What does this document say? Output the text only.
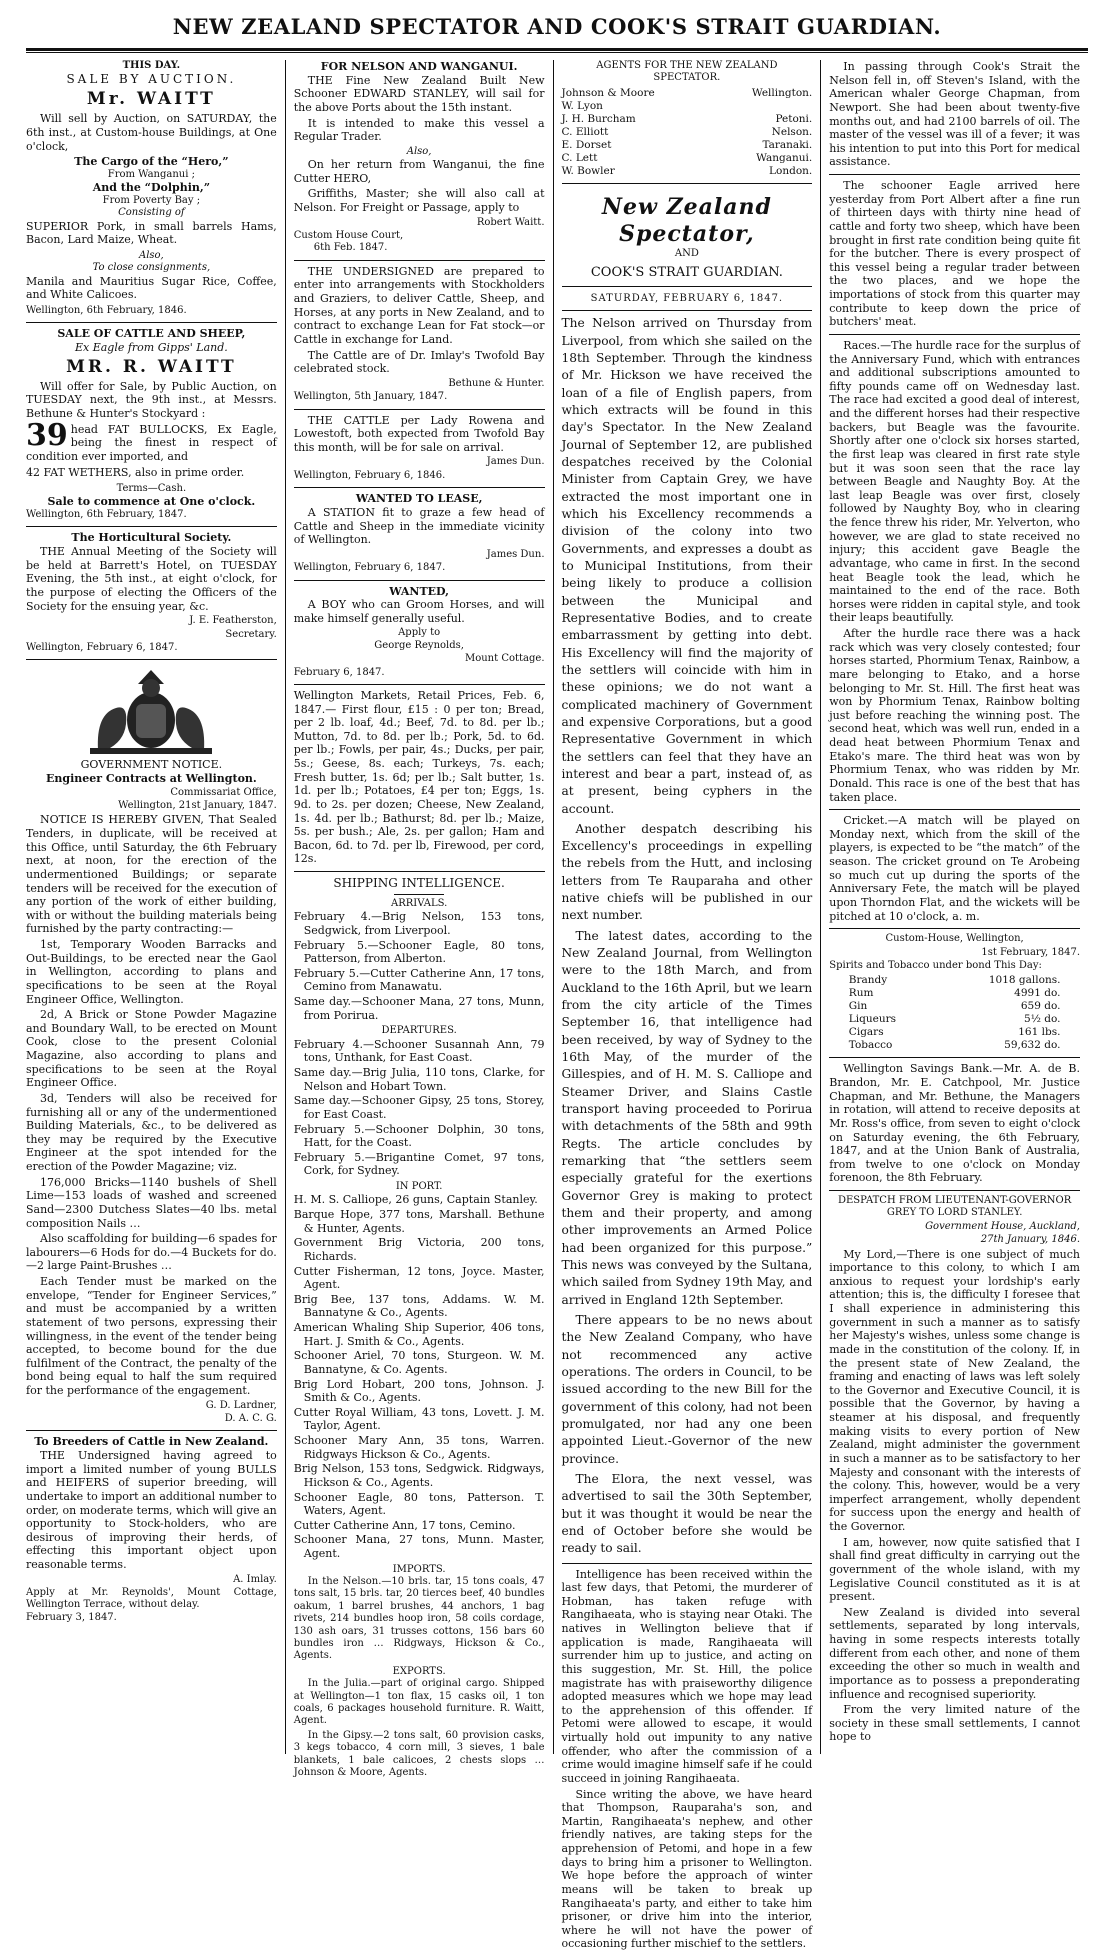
NEW ZEALAND SPECTATOR AND COOK'S STRAIT GUARDIAN.
THIS DAY.
SALE BY AUCTION.
Mr. WAITT

Will sell by Auction, on SATURDAY, the 6th inst., at Custom-house Buildings, at One o'clock,

The Cargo of the “Hero,”
From Wanganui ;
And the “Dolphin,”
From Poverty Bay ;
Consisting of

SUPERIOR Pork, in small barrels Hams, Bacon, Lard Maize, Wheat.

Also,
To close consignments,

Manila and Mauritius Sugar Rice, Coffee, and White Calicoes.

Wellington, 6th February, 1846.
SALE OF CATTLE AND SHEEP,
Ex Eagle from Gipps' Land.
MR. R. WAITT

Will offer for Sale, by Public Auction, on TUESDAY next, the 9th inst., at Messrs. Bethune & Hunter's Stockyard :

39 head FAT BULLOCKS, Ex Eagle, being the finest in respect of condition ever imported, and

42 FAT WETHERS, also in prime order.

Terms—Cash.
Sale to commence at One o'clock.
Wellington, 6th February, 1847.
The Horticultural Society.

THE Annual Meeting of the Society will be held at Barrett's Hotel, on TUESDAY Evening, the 5th inst., at eight o'clock, for the purpose of electing the Officers of the Society for the ensuing year, &c.

J. E. Featherston,
Secretary.
Wellington, February 6, 1847.
GOVERNMENT NOTICE.
Engineer Contracts at Wellington.
Commissariat Office,
Wellington, 21st January, 1847.

NOTICE IS HEREBY GIVEN, That Sealed Tenders, in duplicate, will be received at this Office, until Saturday, the 6th February next, at noon, for the erection of the undermentioned Buildings; or separate tenders will be received for the execution of any portion of the work of either building, with or without the building materials being furnished by the party contracting:—

1st, Temporary Wooden Barracks and Out-Buildings, to be erected near the Gaol in Wellington, according to plans and specifications to be seen at the Royal Engineer Office, Wellington.

2d, A Brick or Stone Powder Magazine and Boundary Wall, to be erected on Mount Cook, close to the present Colonial Magazine, also according to plans and specifications to be seen at the Royal Engineer Office.

3d, Tenders will also be received for furnishing all or any of the undermentioned Building Materials, &c., to be delivered as they may be required by the Executive Engineer at the spot intended for the erection of the Powder Magazine; viz.

176,000 Bricks—1140 bushels of Shell Lime—153 loads of washed and screened Sand—2300 Dutchess Slates—40 lbs. metal composition Nails …

Also scaffolding for building—6 spades for labourers—6 Hods for do.—4 Buckets for do.—2 large Paint-Brushes …

Each Tender must be marked on the envelope, “Tender for Engineer Services,” and must be accompanied by a written statement of two persons, expressing their willingness, in the event of the tender being accepted, to become bound for the due fulfilment of the Contract, the penalty of the bond being equal to half the sum required for the performance of the engagement.

G. D. Lardner,
D. A. C. G.
To Breeders of Cattle in New Zealand.

THE Undersigned having agreed to import a limited number of young BULLS and HEIFERS of superior breeding, will undertake to import an additional number to order, on moderate terms, which will give an opportunity to Stock-holders, who are desirous of improving their herds, of effecting this important object upon reasonable terms.

A. Imlay.
Apply at Mr. Reynolds', Mount Cottage, Wellington Terrace, without delay.
February 3, 1847.
FOR NELSON AND WANGANUI.

THE Fine New Zealand Built New Schooner EDWARD STANLEY, will sail for the above Ports about the 15th instant.

It is intended to make this vessel a Regular Trader.

Also,

On her return from Wanganui, the fine Cutter HERO,

Griffiths, Master; she will also call at Nelson. For Freight or Passage, apply to

Robert Waitt.
Custom House Court,
6th Feb. 1847.

THE UNDERSIGNED are prepared to enter into arrangements with Stockholders and Graziers, to deliver Cattle, Sheep, and Horses, at any ports in New Zealand, and to contract to exchange Lean for Fat stock—or Cattle in exchange for Land.

The Cattle are of Dr. Imlay's Twofold Bay celebrated stock.

Bethune & Hunter.
Wellington, 5th January, 1847.

THE CATTLE per Lady Rowena and Lowestoft, both expected from Twofold Bay this month, will be for sale on arrival.

James Dun.
Wellington, February 6, 1846.
WANTED TO LEASE,

A STATION fit to graze a few head of Cattle and Sheep in the immediate vicinity of Wellington.

James Dun.
Wellington, February 6, 1847.
WANTED,

A BOY who can Groom Horses, and will make himself generally useful.

Apply to
George Reynolds,
Mount Cottage.
February 6, 1847.

Wellington Markets, Retail Prices, Feb. 6, 1847.— First flour, £15 : 0 per ton; Bread, per 2 lb. loaf, 4d.; Beef, 7d. to 8d. per lb.; Mutton, 7d. to 8d. per lb.; Pork, 5d. to 6d. per lb.; Fowls, per pair, 4s.; Ducks, per pair, 5s.; Geese, 8s. each; Turkeys, 7s. each; Fresh butter, 1s. 6d; per lb.; Salt butter, 1s. 1d. per lb.; Potatoes, £4 per ton; Eggs, 1s. 9d. to 2s. per dozen; Cheese, New Zealand, 1s. 4d. per lb.; Bathurst; 8d. per lb.; Maize, 5s. per bush.; Ale, 2s. per gallon; Ham and Bacon, 6d. to 7d. per lb, Firewood, per cord, 12s.

SHIPPING INTELLIGENCE.
ARRIVALS.
February 4.—Brig Nelson, 153 tons, Sedgwick, from Liverpool.
February 5.—Schooner Eagle, 80 tons, Patterson, from Alberton.
February 5.—Cutter Catherine Ann, 17 tons, Cemino from Manawatu.
Same day.—Schooner Mana, 27 tons, Munn, from Porirua.
DEPARTURES.
February 4.—Schooner Susannah Ann, 79 tons, Unthank, for East Coast.
Same day.—Brig Julia, 110 tons, Clarke, for Nelson and Hobart Town.
Same day.—Schooner Gipsy, 25 tons, Storey, for East Coast.
February 5.—Schooner Dolphin, 30 tons, Hatt, for the Coast.
February 5.—Brigantine Comet, 97 tons, Cork, for Sydney.
IN PORT.
H. M. S. Calliope, 26 guns, Captain Stanley.
Barque Hope, 377 tons, Marshall. Bethune & Hunter, Agents.
Government Brig Victoria, 200 tons, Richards.
Cutter Fisherman, 12 tons, Joyce. Master, Agent.
Brig Bee, 137 tons, Addams. W. M. Bannatyne & Co., Agents.
American Whaling Ship Superior, 406 tons, Hart. J. Smith & Co., Agents.
Schooner Ariel, 70 tons, Sturgeon. W. M. Bannatyne, & Co. Agents.
Brig Lord Hobart, 200 tons, Johnson. J. Smith & Co., Agents.
Cutter Royal William, 43 tons, Lovett. J. M. Taylor, Agent.
Schooner Mary Ann, 35 tons, Warren. Ridgways Hickson & Co., Agents.
Brig Nelson, 153 tons, Sedgwick. Ridgways, Hickson & Co., Agents.
Schooner Eagle, 80 tons, Patterson. T. Waters, Agent.
Cutter Catherine Ann, 17 tons, Cemino.
Schooner Mana, 27 tons, Munn. Master, Agent.
IMPORTS.

In the Nelson.—10 brls. tar, 15 tons coals, 47 tons salt, 15 brls. tar, 20 tierces beef, 40 bundles oakum, 1 barrel brushes, 44 anchors, 1 bag rivets, 214 bundles hoop iron, 58 coils cordage, 130 ash oars, 31 trusses cottons, 156 bars 60 bundles iron … Ridgways, Hickson & Co., Agents.

EXPORTS.

In the Julia.—part of original cargo. Shipped at Wellington—1 ton flax, 15 casks oil, 1 ton coals, 6 packages household furniture. R. Waitt, Agent.

In the Gipsy.—2 tons salt, 60 provision casks, 3 kegs tobacco, 4 corn mill, 3 sieves, 1 bale blankets, 1 bale calicoes, 2 chests slops … Johnson & Moore, Agents.

AGENTS FOR THE NEW ZEALAND SPECTATOR.
Johnson & Moore	Wellington.
W. Lyon	
J. H. Burcham	Petoni.
C. Elliott	Nelson.
E. Dorset	Taranaki.
C. Lett	Wanganui.
W. Bowler	London.
New Zealand Spectator,
AND
COOK'S STRAIT GUARDIAN.
SATURDAY, FEBRUARY 6, 1847.

The Nelson arrived on Thursday from Liverpool, from which she sailed on the 18th September. Through the kindness of Mr. Hickson we have received the loan of a file of English papers, from which extracts will be found in this day's Spectator. In the New Zealand Journal of September 12, are published despatches received by the Colonial Minister from Captain Grey, we have extracted the most important one in which his Excellency recommends a division of the colony into two Governments, and expresses a doubt as to Municipal Institutions, from their being likely to produce a collision between the Municipal and Representative Bodies, and to create embarrassment by getting into debt. His Excellency will find the majority of the settlers will coincide with him in these opinions; we do not want a complicated machinery of Government and expensive Corporations, but a good Representative Government in which the settlers can feel that they have an interest and bear a part, instead of, as at present, being cyphers in the account.

Another despatch describing his Excellency's proceedings in expelling the rebels from the Hutt, and inclosing letters from Te Rauparaha and other native chiefs will be published in our next number.

The latest dates, according to the New Zealand Journal, from Wellington were to the 18th March, and from Auckland to the 16th April, but we learn from the city article of the Times September 16, that intelligence had been received, by way of Sydney to the 16th May, of the murder of the Gillespies, and of H. M. S. Calliope and Steamer Driver, and Slains Castle transport having proceeded to Porirua with detachments of the 58th and 99th Regts. The article concludes by remarking that “the settlers seem especially grateful for the exertions Governor Grey is making to protect them and their property, and among other improvements an Armed Police had been organized for this purpose.” This news was conveyed by the Sultana, which sailed from Sydney 19th May, and arrived in England 12th September.

There appears to be no news about the New Zealand Company, who have not recommenced any active operations. The orders in Council, to be issued according to the new Bill for the government of this colony, had not been promulgated, nor had any one been appointed Lieut.-Governor of the new province.

The Elora, the next vessel, was advertised to sail the 30th September, but it was thought it would be near the end of October before she would be ready to sail.

Intelligence has been received within the last few days, that Petomi, the murderer of Hobman, has taken refuge with Rangihaeata, who is staying near Otaki. The natives in Wellington believe that if application is made, Rangihaeata will surrender him up to justice, and acting on this suggestion, Mr. St. Hill, the police magistrate has with praiseworthy diligence adopted measures which we hope may lead to the apprehension of this offender. If Petomi were allowed to escape, it would virtually hold out impunity to any native offender, who after the commission of a crime would imagine himself safe if he could succeed in joining Rangihaeata.

Since writing the above, we have heard that Thompson, Rauparaha's son, and Martin, Rangihaeata's nephew, and other friendly natives, are taking steps for the apprehension of Petomi, and hope in a few days to bring him a prisoner to Wellington. We hope before the approach of winter means will be taken to break up Rangihaeata's party, and either to take him prisoner, or drive him into the interior, where he will not have the power of occasioning further mischief to the settlers.

In passing through Cook's Strait the Nelson fell in, off Steven's Island, with the American whaler George Chapman, from Newport. She had been about twenty-five months out, and had 2100 barrels of oil. The master of the vessel was ill of a fever; it was his intention to put into this Port for medical assistance.

The schooner Eagle arrived here yesterday from Port Albert after a fine run of thirteen days with thirty nine head of cattle and forty two sheep, which have been brought in first rate condition being quite fit for the butcher. There is every prospect of this vessel being a regular trader between the two places, and we hope the importations of stock from this quarter may contribute to keep down the price of butchers' meat.

Races.—The hurdle race for the surplus of the Anniversary Fund, which with entrances and additional subscriptions amounted to fifty pounds came off on Wednesday last. The race had excited a good deal of interest, and the different horses had their respective backers, but Beagle was the favourite. Shortly after one o'clock six horses started, the first leap was cleared in first rate style but it was soon seen that the race lay between Beagle and Naughty Boy. At the last leap Beagle was over first, closely followed by Naughty Boy, who in clearing the fence threw his rider, Mr. Yelverton, who however, we are glad to state received no injury; this accident gave Beagle the advantage, who came in first. In the second heat Beagle took the lead, which he maintained to the end of the race. Both horses were ridden in capital style, and took their leaps beautifully.

After the hurdle race there was a hack rack which was very closely contested; four horses started, Phormium Tenax, Rainbow, a mare belonging to Etako, and a horse belonging to Mr. St. Hill. The first heat was won by Phormium Tenax, Rainbow bolting just before reaching the winning post. The second heat, which was well run, ended in a dead heat between Phormium Tenax and Etako's mare. The third heat was won by Phormium Tenax, who was ridden by Mr. Donald. This race is one of the best that has taken place.

Cricket.—A match will be played on Monday next, which from the skill of the players, is expected to be “the match” of the season. The cricket ground on Te Arobeing so much cut up during the sports of the Anniversary Fete, the match will be played upon Thorndon Flat, and the wickets will be pitched at 10 o'clock, a. m.

Custom-House, Wellington,
1st February, 1847.
Spirits and Tobacco under bond This Day:
Brandy	1018 gallons.
Rum	4991 do.
Gin	659 do.
Liqueurs	5½ do.
Cigars	161 lbs.
Tobacco	59,632 do.

Wellington Savings Bank.—Mr. A. de B. Brandon, Mr. E. Catchpool, Mr. Justice Chapman, and Mr. Bethune, the Managers in rotation, will attend to receive deposits at Mr. Ross's office, from seven to eight o'clock on Saturday evening, the 6th February, 1847, and at the Union Bank of Australia, from twelve to one o'clock on Monday forenoon, the 8th February.

DESPATCH FROM LIEUTENANT-GOVERNOR GREY TO LORD STANLEY.
Government House, Auckland,
27th January, 1846.

My Lord,—There is one subject of much importance to this colony, to which I am anxious to request your lordship's early attention; this is, the difficulty I foresee that I shall experience in administering this government in such a manner as to satisfy her Majesty's wishes, unless some change is made in the constitution of the colony. If, in the present state of New Zealand, the framing and enacting of laws was left solely to the Governor and Executive Council, it is possible that the Governor, by having a steamer at his disposal, and frequently making visits to every portion of New Zealand, might administer the government in such a manner as to be satisfactory to her Majesty and consonant with the interests of the colony. This, however, would be a very imperfect arrangement, wholly dependent for success upon the energy and health of the Governor.

I am, however, now quite satisfied that I shall find great difficulty in carrying out the government of the whole island, with my Legislative Council constituted as it is at present.

New Zealand is divided into several settlements, separated by long intervals, having in some respects interests totally different from each other, and none of them exceeding the other so much in wealth and importance as to possess a preponderating influence and recognised superiority.

From the very limited nature of the society in these small settlements, I cannot hope to
